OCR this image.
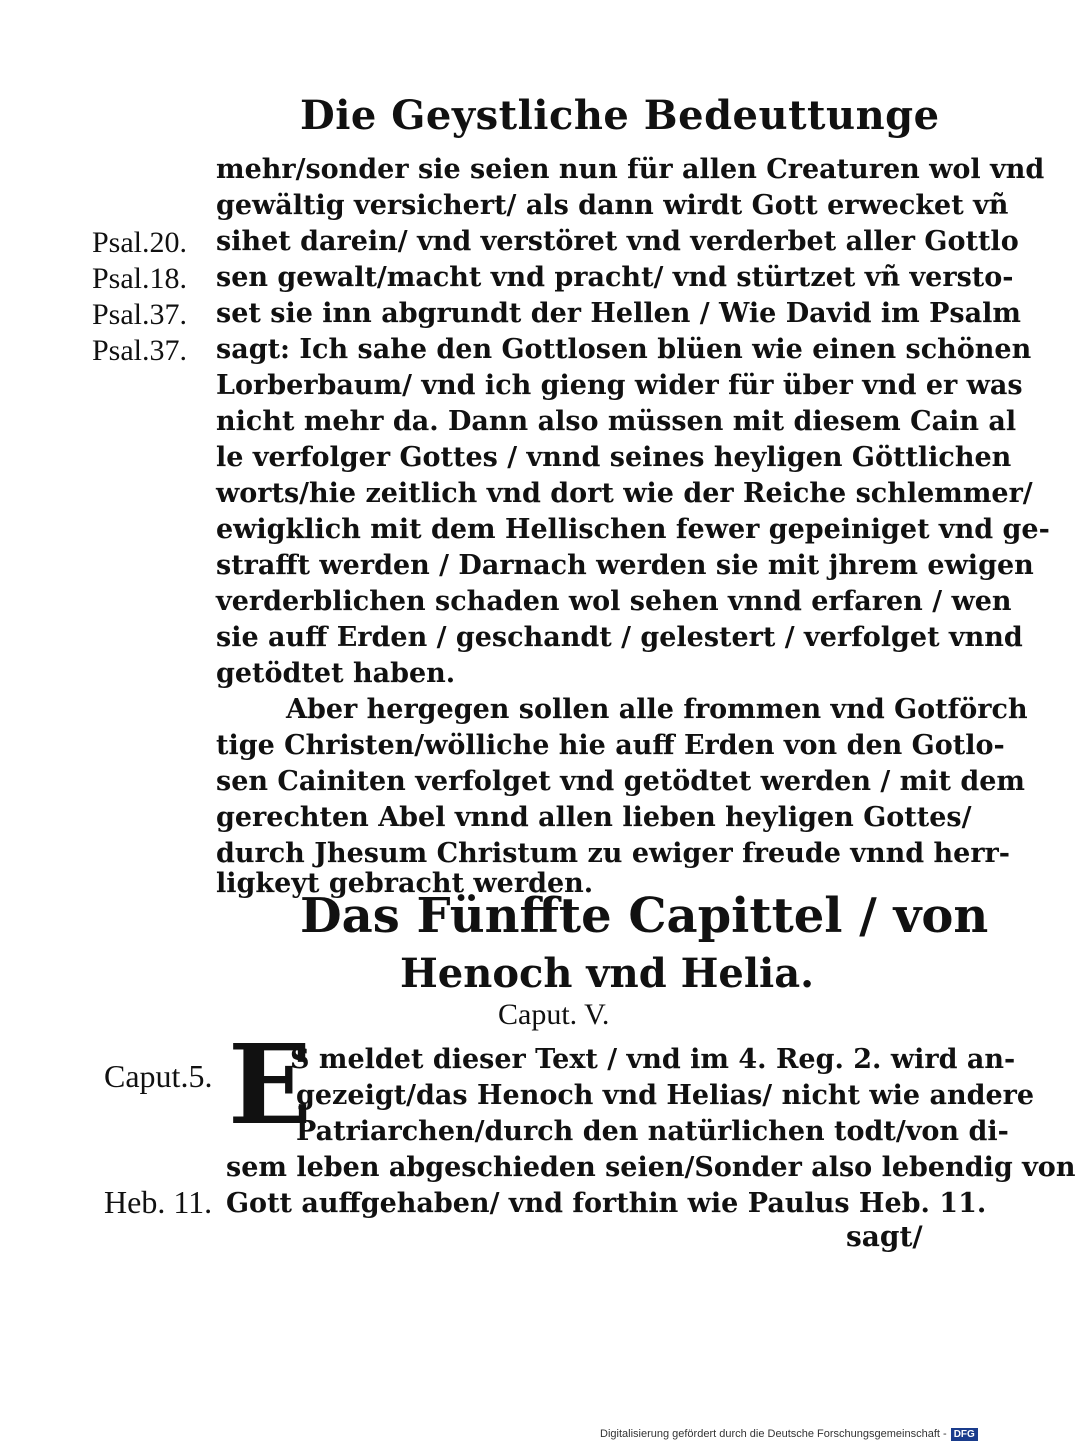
Die Geystliche Bedeuttunge
mehr/sonder sie seien nun für allen Creaturen wol vnd
gewältig versichert/ als dann wirdt Gott erwecket vñ
sihet darein/ vnd verstöret vnd verderbet aller Gottlo
sen gewalt/macht vnd pracht/ vnd stürtzet vñ versto-
set sie inn abgrundt der Hellen / Wie David im Psalm
sagt: Ich sahe den Gottlosen blüen wie einen schönen
Lorberbaum/ vnd ich gieng wider für über vnd er was
nicht mehr da. Dann also müssen mit diesem Cain al
le verfolger Gottes / vnnd seines heyligen Göttlichen
worts/hie zeitlich vnd dort wie der Reiche schlemmer/
ewigklich mit dem Hellischen fewer gepeiniget vnd ge-
strafft werden / Darnach werden sie mit jhrem ewigen
verderblichen schaden wol sehen vnnd erfaren / wen
sie auff Erden / geschandt / gelestert / verfolget vnnd
getödtet haben.
Psal.20.
Psal.18.
Psal.37.
Psal.37.
Aber hergegen sollen alle frommen vnd Gotförch
tige Christen/wölliche hie auff Erden von den Gotlo-
sen Cainiten verfolget vnd getödtet werden / mit dem
gerechten Abel vnnd allen lieben heyligen Gottes/
durch Jhesum Christum zu ewiger freude vnnd herr-
ligkeyt gebracht werden.
Das Fünffte Capittel / von
Henoch vnd Helia.
Caput. V.
E
Caput.5.	S meldet dieser Text / vnd im 4. Reg. 2. wird an-
gezeigt/das Henoch vnd Helias/ nicht wie andere
Patriarchen/durch den natürlichen todt/von di-
sem leben abgeschieden seien/Sonder also lebendig von
Heb. 11. Gott auffgehaben/ vnd forthin wie Paulus Heb. 11.
sagt/
Digitalisierung gefördert durch die Deutsche Forschungsgemeinschaft - DFG
